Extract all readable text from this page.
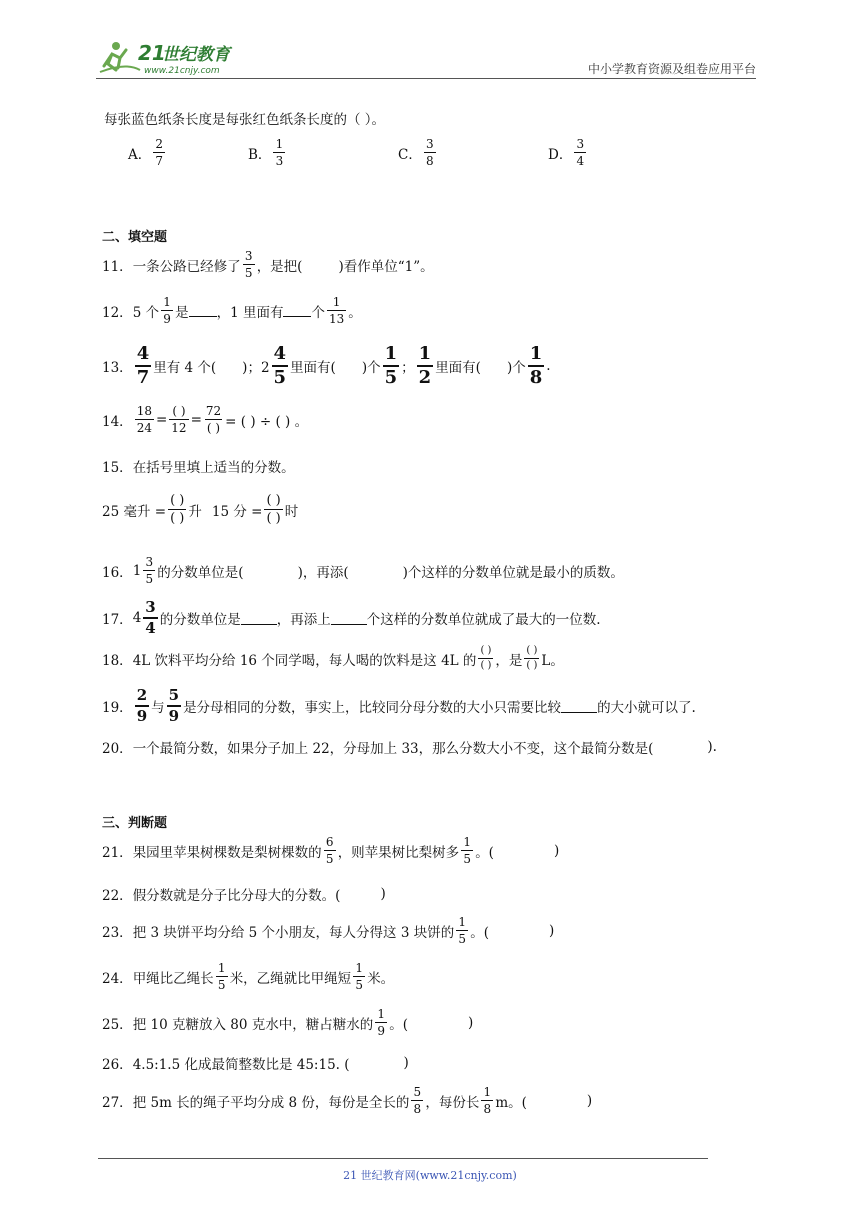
21
世纪教育
www.21cnjy.com	中小学教育资源及组卷应用平台
每张蓝色纸条长度是每张红色纸条长度的（ ）。
A． $\frac{2}{7}$	B． $\frac{1}{3}$	C． $\frac{3}{8}$	D． $\frac{3}{4}$
二、填空题
11． 一条公路已经修了 $\frac{3}{5}$ ，是把(	)看作单位“1”。
12． 5 个 $\frac{1}{9}$ 是 ，1 里面有 个 $\frac{1}{13}$ 。
13． $\frac{4}{7}$ 里有 4 个( )；$2 \frac{4}{5}$ 里面有( )个 $\frac{1}{5}$ ； $\frac{1}{2}$ 里面有( )个 $\frac{1}{8}$ .
14． $\frac{18}{24} = \frac{( )}{12} = \frac{72}{( )}$ = ( ) ÷ ( ) 。
15．在括号里填上适当的分数。
25 毫升 = $\frac{( )}{( )}$ 升 15 分 = $\frac{( )}{( )}$ 时
16． $1 \frac{3}{5}$ 的分数单位是(	)，再添(	)个这样的分数单位就是最小的质数。
17． $4 \frac{3}{4}$ 的分数单位是	，再添上	个这样的分数单位就成了最大的一位数.
18． 4L 饮料平均分给 16 个同学喝，每人喝的饮料是这 4L 的 $\frac{( )}{( )}$ ，是 $\frac{( )}{( )}$ L。
19． $\frac{2}{9}$ 与 $\frac{5}{9}$ 是分母相同的分数，事实上，比较同分母分数的大小只需要比较	的大小就可以了.
20． 一个最简分数，如果分子加上 22，分母加上 33，那么分数大小不变，这个最简分数是(	).
三、判断题
21． 果园里苹果树棵数是梨树棵数的 $\frac{6}{5}$ ，则苹果树比梨树多 $\frac{1}{5}$ 。(	)
22． 假分数就是分子比分母大的分数。(	)
23． 把 3 块饼平均分给 5 个小朋友，每人分得这 3 块饼的 $\frac{1}{5}$ 。(	)
24． 甲绳比乙绳长 $\frac{1}{5}$ 米，乙绳就比甲绳短 $\frac{1}{5}$ 米。
25． 把 10 克糖放入 80 克水中，糖占糖水的 $\frac{1}{9}$ 。(	)
26． 4.5:1.5 化成最简整数比是 45:15. (	)
27． 把 5m 长的绳子平均分成 8 份，每份是全长的 $\frac{5}{8}$ ，每份长 $\frac{1}{8}$ m。(	)
21 世纪教育网(www.21cnjy.com)
